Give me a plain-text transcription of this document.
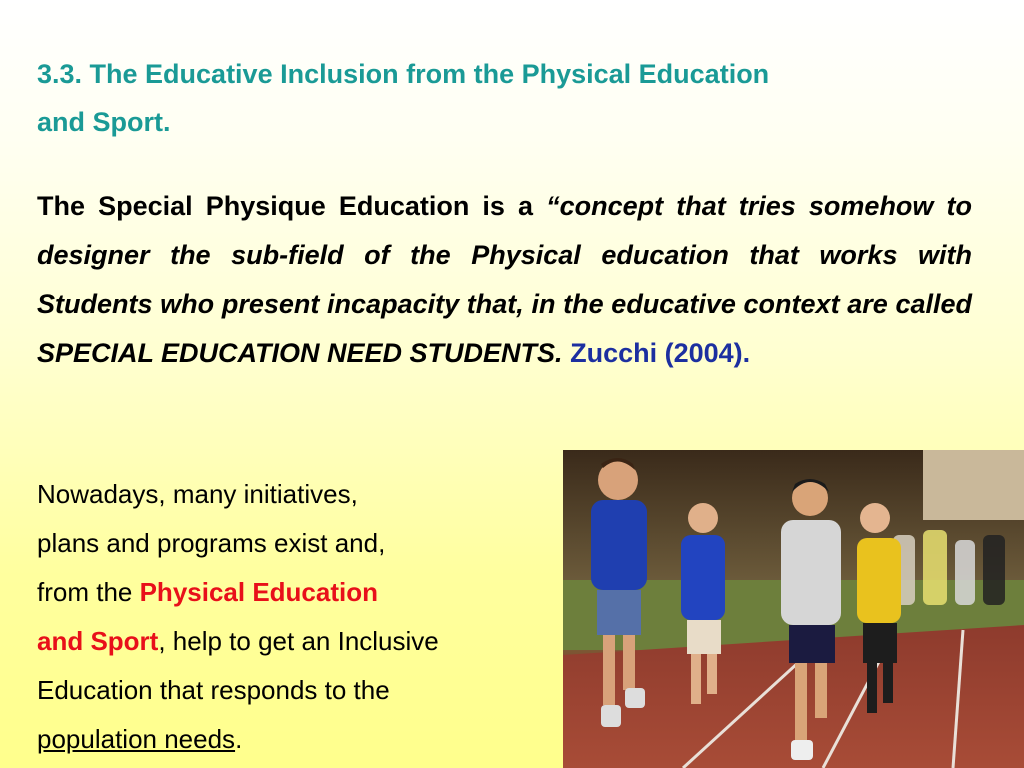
3.3. The Educative Inclusion from the Physical Education
and Sport.
The Special Physique Education is a “concept that tries somehow to designer the sub-field of the Physical education that works with Students who present incapacity that, in the educative context are called SPECIAL EDUCATION NEED STUDENTS. Zucchi (2004).
Nowadays, many initiatives,
plans and programs exist and,
from the Physical Education
and Sport, help to get an Inclusive
Education that responds to the
population needs.
